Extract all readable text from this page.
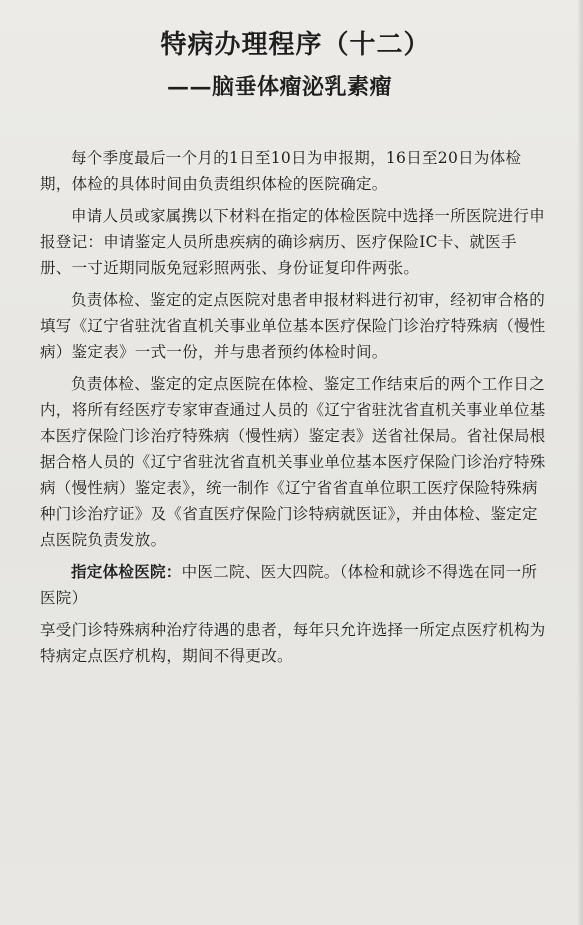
特病办理程序（十二）
——脑垂体瘤泌乳素瘤

每个季度最后一个月的1日至10日为申报期，16日至20日为体检期，体检的具体时间由负责组织体检的医院确定。

申请人员或家属携以下材料在指定的体检医院中选择一所医院进行申报登记：申请鉴定人员所患疾病的确诊病历、医疗保险IC卡、就医手册、一寸近期同版免冠彩照两张、身份证复印件两张。

负责体检、鉴定的定点医院对患者申报材料进行初审，经初审合格的填写《辽宁省驻沈省直机关事业单位基本医疗保险门诊治疗特殊病（慢性病）鉴定表》一式一份，并与患者预约体检时间。

负责体检、鉴定的定点医院在体检、鉴定工作结束后的两个工作日之内，将所有经医疗专家审查通过人员的《辽宁省驻沈省直机关事业单位基本医疗保险门诊治疗特殊病（慢性病）鉴定表》送省社保局。省社保局根据合格人员的《辽宁省驻沈省直机关事业单位基本医疗保险门诊治疗特殊病（慢性病）鉴定表》，统一制作《辽宁省省直单位职工医疗保险特殊病种门诊治疗证》及《省直医疗保险门诊特病就医证》，并由体检、鉴定定点医院负责发放。

指定体检医院：中医二院、医大四院。（体检和就诊不得选在同一所医院）

享受门诊特殊病种治疗待遇的患者，每年只允许选择一所定点医疗机构为特病定点医疗机构，期间不得更改。
